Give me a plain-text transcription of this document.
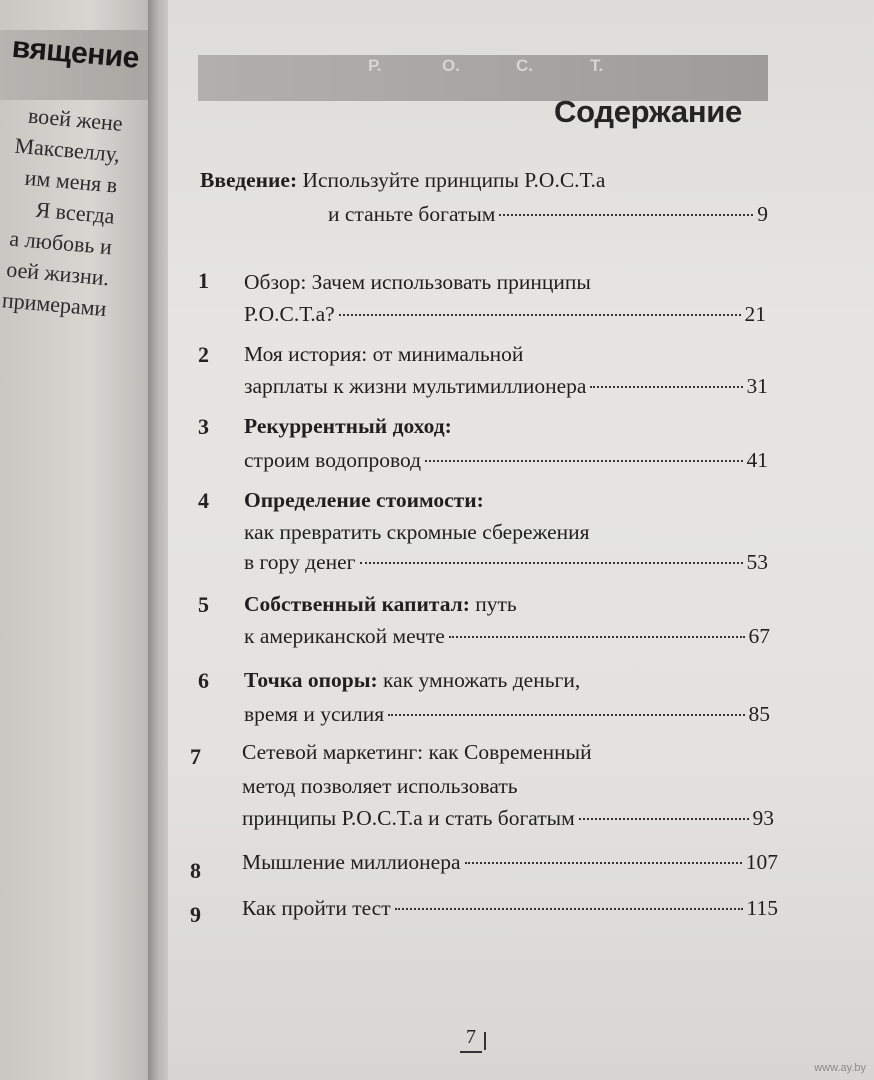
вящение
воей жене
Максвеллу,
им меня в
Я всегда
а любовь и
оей жизни.
примерами
Р.	О.	С.	Т.
Содержание
Введение:
Используйте принципы Р.О.С.Т.а
и станьте богатым	9
1 Обзор: Зачем использовать принципы
Р.О.С.Т.а?	21
2 Моя история: от минимальной
зарплаты к жизни мультимиллионера	31
3 Рекуррентный доход:
строим водопровод	41
4 Определение стоимости:
как превратить скромные сбережения
в гору денег	53
5 Собственный капитал: путь
к американской мечте	67
6 Точка опоры: как умножать деньги,
время и усилия	85
7 Сетевой маркетинг: как Современный
метод позволяет использовать
принципы Р.О.С.Т.а и стать богатым	93
8 Мышление миллионера	107
9 Как пройти тест	115
7
www.ay.by
